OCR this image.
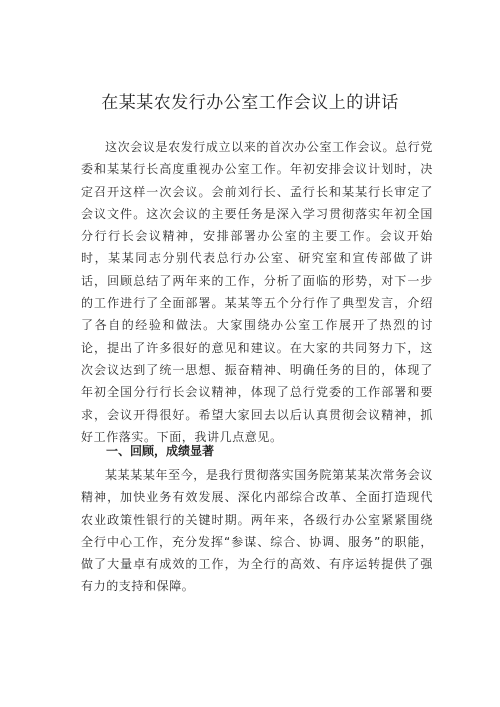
在某某农发行办公室工作会议上的讲话
这次会议是农发行成立以来的首次办公室工作会议。总行党委和某某行长高度重视办公室工作。年初安排会议计划时，决定召开这样一次会议。会前刘行长、孟行长和某某行长审定了会议文件。这次会议的主要任务是深入学习贯彻落实年初全国分行行长会议精神，安排部署办公室的主要工作。会议开始时，某某同志分别代表总行办公室、研究室和宣传部做了讲话，回顾总结了两年来的工作，分析了面临的形势，对下一步的工作进行了全面部署。某某等五个分行作了典型发言，介绍了各自的经验和做法。大家围绕办公室工作展开了热烈的讨论，提出了许多很好的意见和建议。在大家的共同努力下，这次会议达到了统一思想、振奋精神、明确任务的目的，体现了年初全国分行行长会议精神，体现了总行党委的工作部署和要求，会议开得很好。希望大家回去以后认真贯彻会议精神，抓好工作落实。下面，我讲几点意见。
一、回顾，成绩显著
某某某某年至今，是我行贯彻落实国务院第某某次常务会议精神，加快业务有效发展、深化内部综合改革、全面打造现代农业政策性银行的关键时期。两年来，各级行办公室紧紧围绕全行中心工作，充分发挥“参谋、综合、协调、服务”的职能，做了大量卓有成效的工作，为全行的高效、有序运转提供了强有力的支持和保障。
